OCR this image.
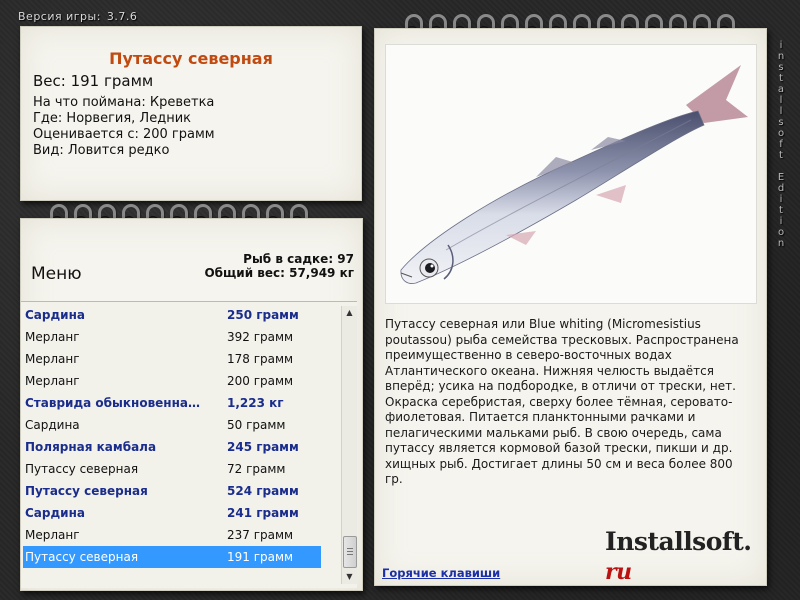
Версия игры: 3.7.6
Путассу северная
Вес: 191 грамм
На что поймана: Креветка
Где: Норвегия, Ледник
Оценивается с: 200 грамм
Вид: Ловится редко
Меню
Рыб в садке: 97
Общий вес: 57,949 кг
▲
▼
Сардина	250 грамм
Мерланг	392 грамм
Мерланг	178 грамм
Мерланг	200 грамм
Ставрида обыкновенна…	1,223 кг
Сардина	50 грамм
Полярная камбала	245 грамм
Путассу северная	72 грамм
Путассу северная	524 грамм
Сардина	241 грамм
Мерланг	237 грамм
Путассу северная	191 грамм
Путассу северная или Blue whiting (Micromesistius poutassou) рыба семейства тресковых. Распространена преимущественно в северо-восточных водах Атлантического океана. Нижняя челюсть выдаётся вперёд; усика на подбородке, в отличи от трески, нет. Окраска серебристая, сверху более тёмная, серовато-фиолетовая. Питается планктонными рачками и пелагическими мальками рыб. В свою очередь, сама путассу является кормовой базой трески, пикши и др. хищных рыб. Достигает длины 50 см и веса более 800 гр.
Installsoft. ru
Горячие клавиши
i
n
s
t
a
l
l
s
o
f
t

E
d
i
t
i
o
n
